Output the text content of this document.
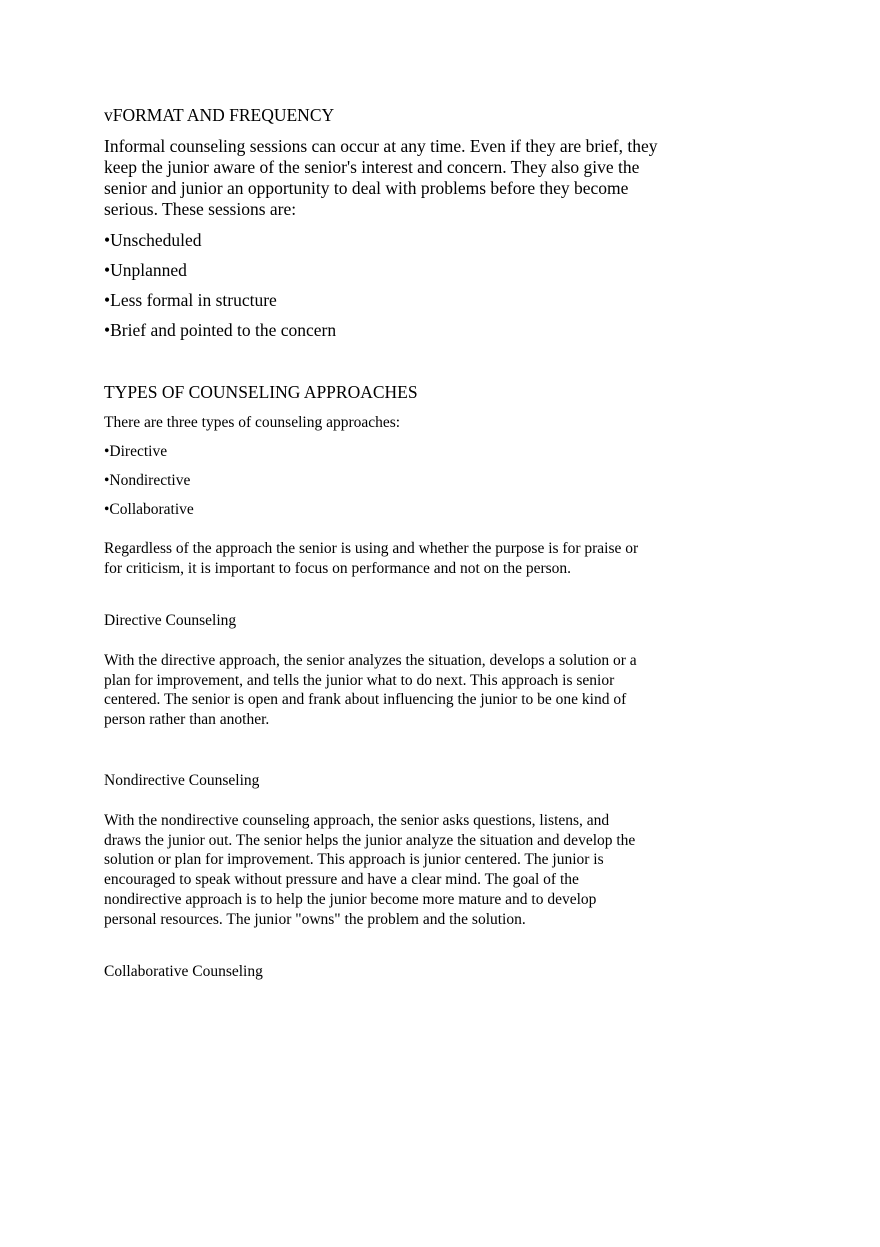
vFORMAT AND FREQUENCY
Informal counseling sessions can occur at any time. Even if they are brief, they
keep the junior aware of the senior's interest and concern. They also give the
senior and junior an opportunity to deal with problems before they become
serious. These sessions are:
•Unscheduled
•Unplanned
•Less formal in structure
•Brief and pointed to the concern
TYPES OF COUNSELING APPROACHES
There are three types of counseling approaches:
•Directive
•Nondirective
•Collaborative
Regardless of the approach the senior is using and whether the purpose is for praise or
for criticism, it is important to focus on performance and not on the person.
Directive Counseling
With the directive approach, the senior analyzes the situation, develops a solution or a
plan for improvement, and tells the junior what to do next. This approach is senior
centered. The senior is open and frank about influencing the junior to be one kind of
person rather than another.
Nondirective Counseling
With the nondirective counseling approach, the senior asks questions, listens, and
draws the junior out. The senior helps the junior analyze the situation and develop the
solution or plan for improvement. This approach is junior centered. The junior is
encouraged to speak without pressure and have a clear mind. The goal of the
nondirective approach is to help the junior become more mature and to develop
personal resources. The junior "owns" the problem and the solution.
Collaborative Counseling
